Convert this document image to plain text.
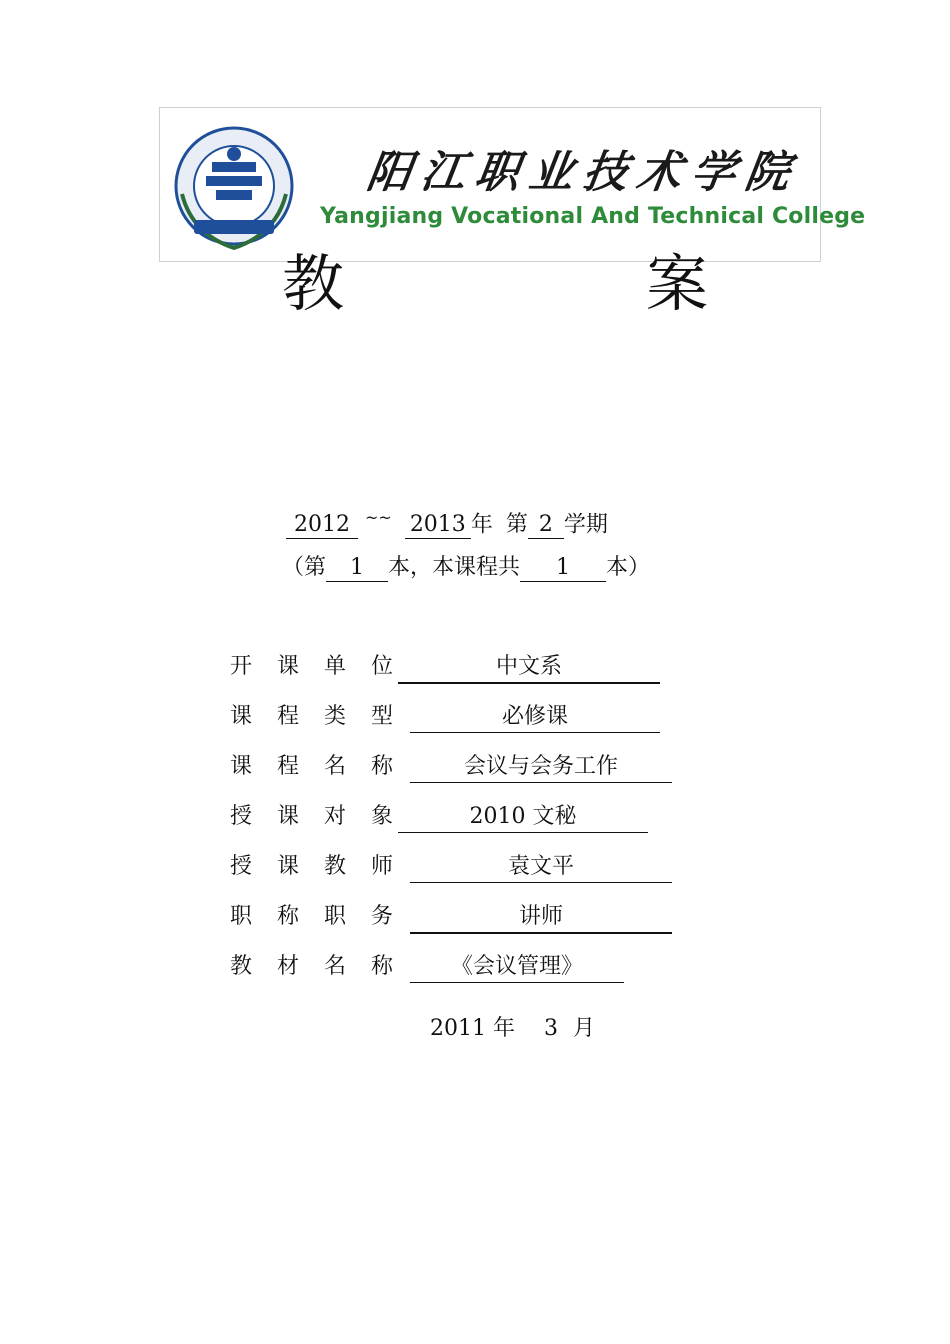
阳江职业技术学院
Yangjiang Vocational And Technical College
教	案
2012 ~~ 2013 年 第 2 学期
（第 1 本，本课程共 1 本）
开课单位	中文系
课程类型	必修课
课程名称	会议与会务工作
授课对象	2010 文秘
授课教师	袁文平
职称职务	讲师
教材名称	《会议管理》
2011 年 3 月
